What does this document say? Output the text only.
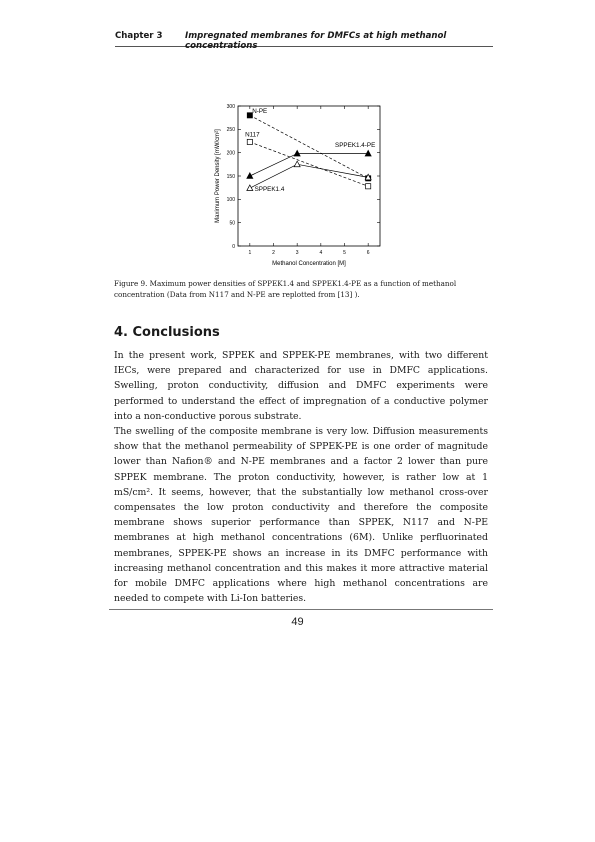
Chapter 3	Impregnated membranes for DMFCs at high methanol concentrations
0
50
100
150
200
250
300
1	2	3	4	5	6
Methanol Concentration [M]
Maximum Power Density [mW/cm²]
N-PE
N117
SPPEK1.4-PE
SPPEK1.4
Figure 9. Maximum power densities of SPPEK1.4 and SPPEK1.4-PE as a function of methanol concentration (Data from N117 and N-PE are replotted from [13] ).
4. Conclusions
In the present work, SPPEK and SPPEK-PE membranes, with two different IECs, were prepared and characterized for use in DMFC applications. Swelling, proton conductivity, diffusion and DMFC experiments were performed to understand the effect of impregnation of a conductive polymer into a non-conductive porous substrate.
The swelling of the composite membrane is very low. Diffusion measurements show that the methanol permeability of SPPEK-PE is one order of magnitude lower than Nafion® and N-PE membranes and a factor 2 lower than pure SPPEK membrane. The proton conductivity, however, is rather low at 1 mS/cm². It seems, however, that the substantially low methanol cross-over compensates the low proton conductivity and therefore the composite membrane shows superior performance than SPPEK, N117 and N-PE membranes at high methanol concentrations (6M). Unlike perfluorinated membranes, SPPEK-PE shows an increase in its DMFC performance with increasing methanol concentration and this makes it more attractive material for mobile DMFC applications where high methanol concentrations are needed to compete with Li-Ion batteries.
49
